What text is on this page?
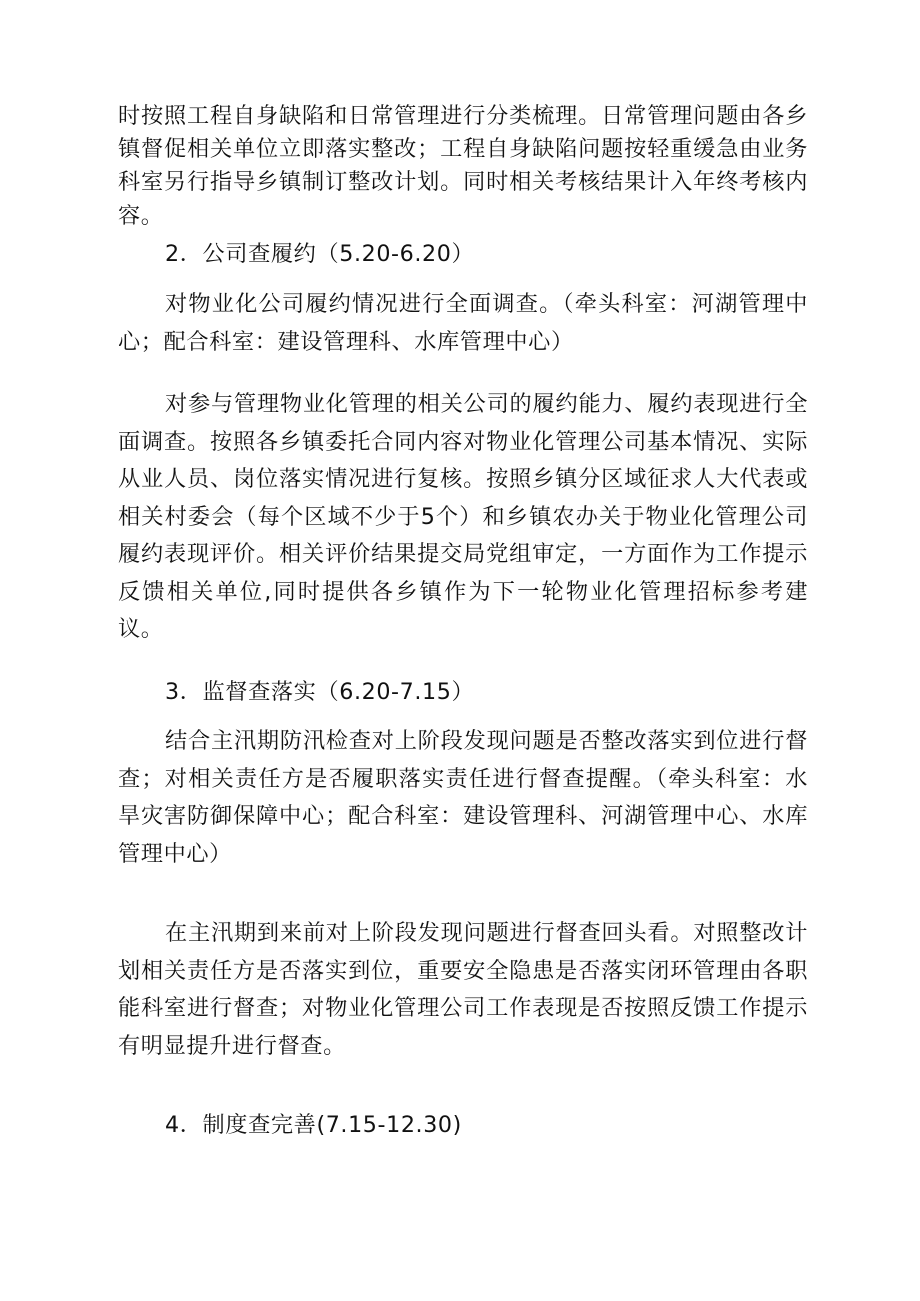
时按照工程自身缺陷和日常管理进行分类梳理。日常管理问题由各乡镇督促相关单位立即落实整改；工程自身缺陷问题按轻重缓急由业务科室另行指导乡镇制订整改计划。同时相关考核结果计入年终考核内容。

2．公司查履约（5.20-6.20）

对物业化公司履约情况进行全面调查。（牵头科室：河湖管理中心；配合科室：建设管理科、水库管理中心）

对参与管理物业化管理的相关公司的履约能力、履约表现进行全面调查。按照各乡镇委托合同内容对物业化管理公司基本情况、实际从业人员、岗位落实情况进行复核。按照乡镇分区域征求人大代表或相关村委会（每个区域不少于5个）和乡镇农办关于物业化管理公司履约表现评价。相关评价结果提交局党组审定，一方面作为工作提示反馈相关单位,同时提供各乡镇作为下一轮物业化管理招标参考建议。

3．监督查落实（6.20-7.15）

结合主汛期防汛检查对上阶段发现问题是否整改落实到位进行督查；对相关责任方是否履职落实责任进行督查提醒。（牵头科室：水旱灾害防御保障中心；配合科室：建设管理科、河湖管理中心、水库管理中心）

在主汛期到来前对上阶段发现问题进行督查回头看。对照整改计划相关责任方是否落实到位，重要安全隐患是否落实闭环管理由各职能科室进行督查；对物业化管理公司工作表现是否按照反馈工作提示有明显提升进行督查。

4．制度查完善(7.15-12.30)
